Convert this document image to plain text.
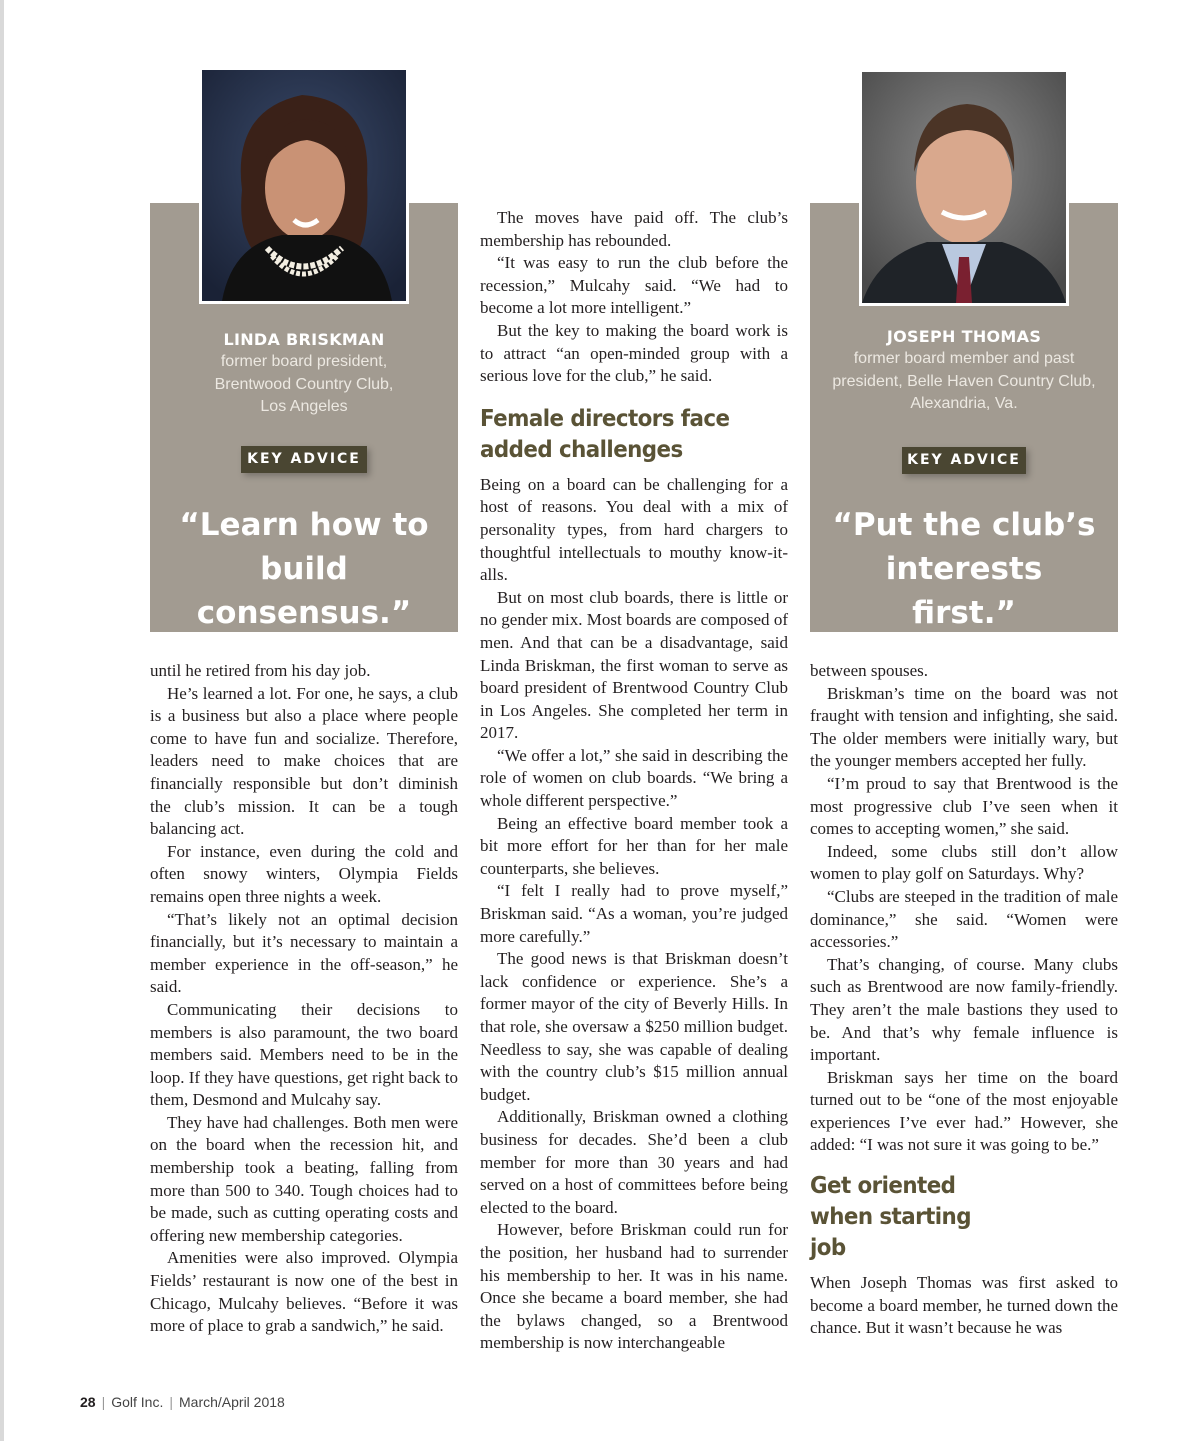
LINDA BRISKMAN
former board president, Brentwood Country Club, Los Angeles
KEY ADVICE
“Learn how to build consensus.”
JOSEPH THOMAS
former board member and past president, Belle Haven Country Club, Alexandria, Va.
KEY ADVICE
“Put the club’s interests first.”

until he retired from his day job.

He’s learned a lot. For one, he says, a club is a business but also a place where people come to have fun and socialize. Therefore, leaders need to make choices that are financially responsible but don’t diminish the club’s mission. It can be a tough balancing act.

For instance, even during the cold and often snowy winters, Olympia Fields remains open three nights a week.

“That’s likely not an optimal decision financially, but it’s necessary to maintain a member experience in the off-season,” he said.

Communicating their decisions to members is also paramount, the two board members said. Members need to be in the loop. If they have questions, get right back to them, Desmond and Mulcahy say.

They have had challenges. Both men were on the board when the recession hit, and membership took a beating, falling from more than 500 to 340. Tough choices had to be made, such as cutting operating costs and offering new membership categories.

Amenities were also improved. Olympia Fields’ restaurant is now one of the best in Chicago, Mulcahy believes. “Before it was more of place to grab a sandwich,” he said.

The moves have paid off. The club’s membership has rebounded.

“It was easy to run the club before the recession,” Mulcahy said. “We had to become a lot more intelligent.”

But the key to making the board work is to attract “an open-minded group with a serious love for the club,” he said.

Female directors face added challenges

Being on a board can be challenging for a host of reasons. You deal with a mix of personality types, from hard chargers to thoughtful intellectuals to mouthy know-it-alls.

But on most club boards, there is little or no gender mix. Most boards are composed of men. And that can be a disadvantage, said Linda Briskman, the first woman to serve as board president of Brentwood Country Club in Los Angeles. She completed her term in 2017.

“We offer a lot,” she said in describing the role of women on club boards. “We bring a whole different perspective.”

Being an effective board member took a bit more effort for her than for her male counterparts, she believes.

“I felt I really had to prove myself,” Briskman said. “As a woman, you’re judged more carefully.”

The good news is that Briskman doesn’t lack confidence or experience. She’s a former mayor of the city of Beverly Hills. In that role, she oversaw a $250 million budget. Needless to say, she was capable of dealing with the country club’s $15 million annual budget.

Additionally, Briskman owned a clothing business for decades. She’d been a club member for more than 30 years and had served on a host of committees before being elected to the board.

However, before Briskman could run for the position, her husband had to surrender his membership to her. It was in his name. Once she became a board member, she had the bylaws changed, so a Brentwood membership is now interchangeable

between spouses.

Briskman’s time on the board was not fraught with tension and infighting, she said. The older members were initially wary, but the younger members accepted her fully.

“I’m proud to say that Brentwood is the most progressive club I’ve seen when it comes to accepting women,” she said.

Indeed, some clubs still don’t allow women to play golf on Saturdays. Why?

“Clubs are steeped in the tradition of male dominance,” she said. “Women were accessories.”

That’s changing, of course. Many clubs such as Brentwood are now family-friendly. They aren’t the male bastions they used to be. And that’s why female influence is important.

Briskman says her time on the board turned out to be “one of the most enjoyable experiences I’ve ever had.” However, she added: “I was not sure it was going to be.”

Get oriented when starting job

When Joseph Thomas was first asked to become a board member, he turned down the chance. But it wasn’t because he was

28 | Golf Inc. | March/April 2018
